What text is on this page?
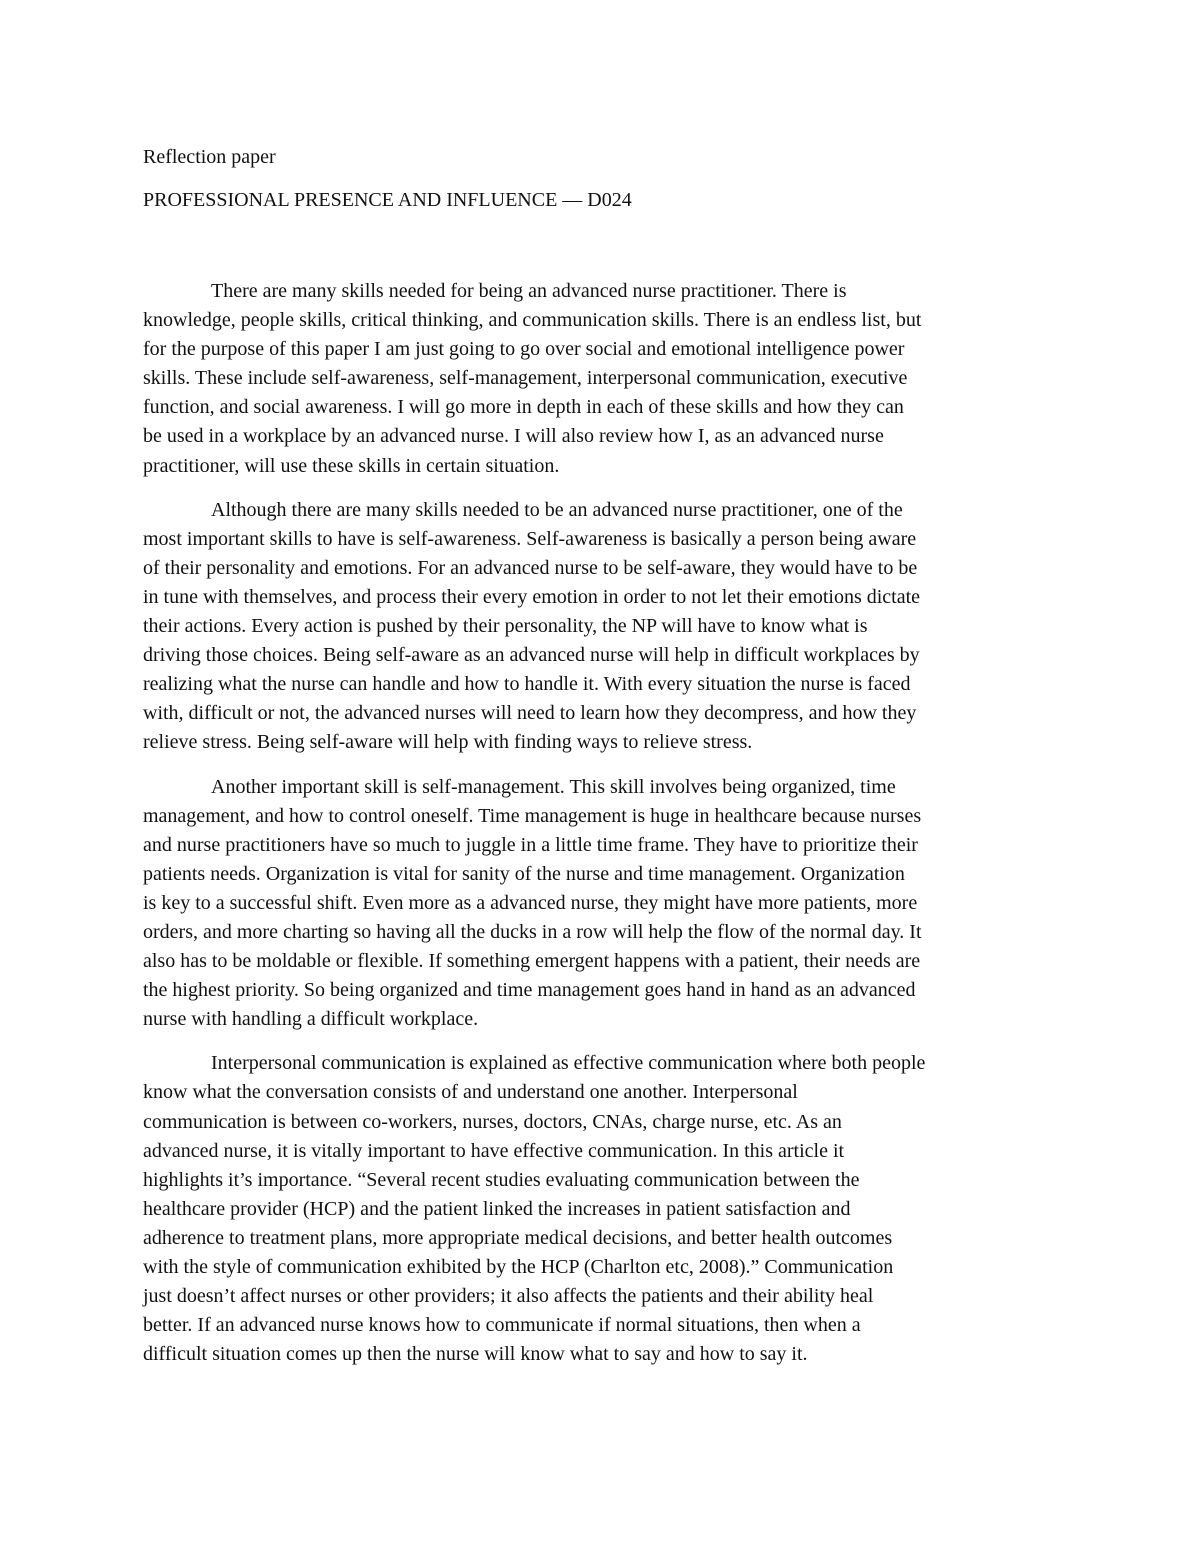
Reflection paper

PROFESSIONAL PRESENCE AND INFLUENCE — D024

There are many skills needed for being an advanced nurse practitioner. There is
knowledge, people skills, critical thinking, and communication skills. There is an endless list, but
for the purpose of this paper I am just going to go over social and emotional intelligence power
skills. These include self-awareness, self-management, interpersonal communication, executive
function, and social awareness. I will go more in depth in each of these skills and how they can
be used in a workplace by an advanced nurse. I will also review how I, as an advanced nurse
practitioner, will use these skills in certain situation.

Although there are many skills needed to be an advanced nurse practitioner, one of the
most important skills to have is self-awareness. Self-awareness is basically a person being aware
of their personality and emotions. For an advanced nurse to be self-aware, they would have to be
in tune with themselves, and process their every emotion in order to not let their emotions dictate
their actions. Every action is pushed by their personality, the NP will have to know what is
driving those choices. Being self-aware as an advanced nurse will help in difficult workplaces by
realizing what the nurse can handle and how to handle it. With every situation the nurse is faced
with, difficult or not, the advanced nurses will need to learn how they decompress, and how they
relieve stress. Being self-aware will help with finding ways to relieve stress.

Another important skill is self-management. This skill involves being organized, time
management, and how to control oneself. Time management is huge in healthcare because nurses
and nurse practitioners have so much to juggle in a little time frame. They have to prioritize their
patients needs. Organization is vital for sanity of the nurse and time management. Organization
is key to a successful shift. Even more as a advanced nurse, they might have more patients, more
orders, and more charting so having all the ducks in a row will help the flow of the normal day. It
also has to be moldable or flexible. If something emergent happens with a patient, their needs are
the highest priority. So being organized and time management goes hand in hand as an advanced
nurse with handling a difficult workplace.

Interpersonal communication is explained as effective communication where both people
know what the conversation consists of and understand one another. Interpersonal
communication is between co-workers, nurses, doctors, CNAs, charge nurse, etc. As an
advanced nurse, it is vitally important to have effective communication. In this article it
highlights it’s importance. “Several recent studies evaluating communication between the
healthcare provider (HCP) and the patient linked the increases in patient satisfaction and
adherence to treatment plans, more appropriate medical decisions, and better health outcomes
with the style of communication exhibited by the HCP (Charlton etc, 2008).” Communication
just doesn’t affect nurses or other providers; it also affects the patients and their ability heal
better. If an advanced nurse knows how to communicate if normal situations, then when a
difficult situation comes up then the nurse will know what to say and how to say it.
